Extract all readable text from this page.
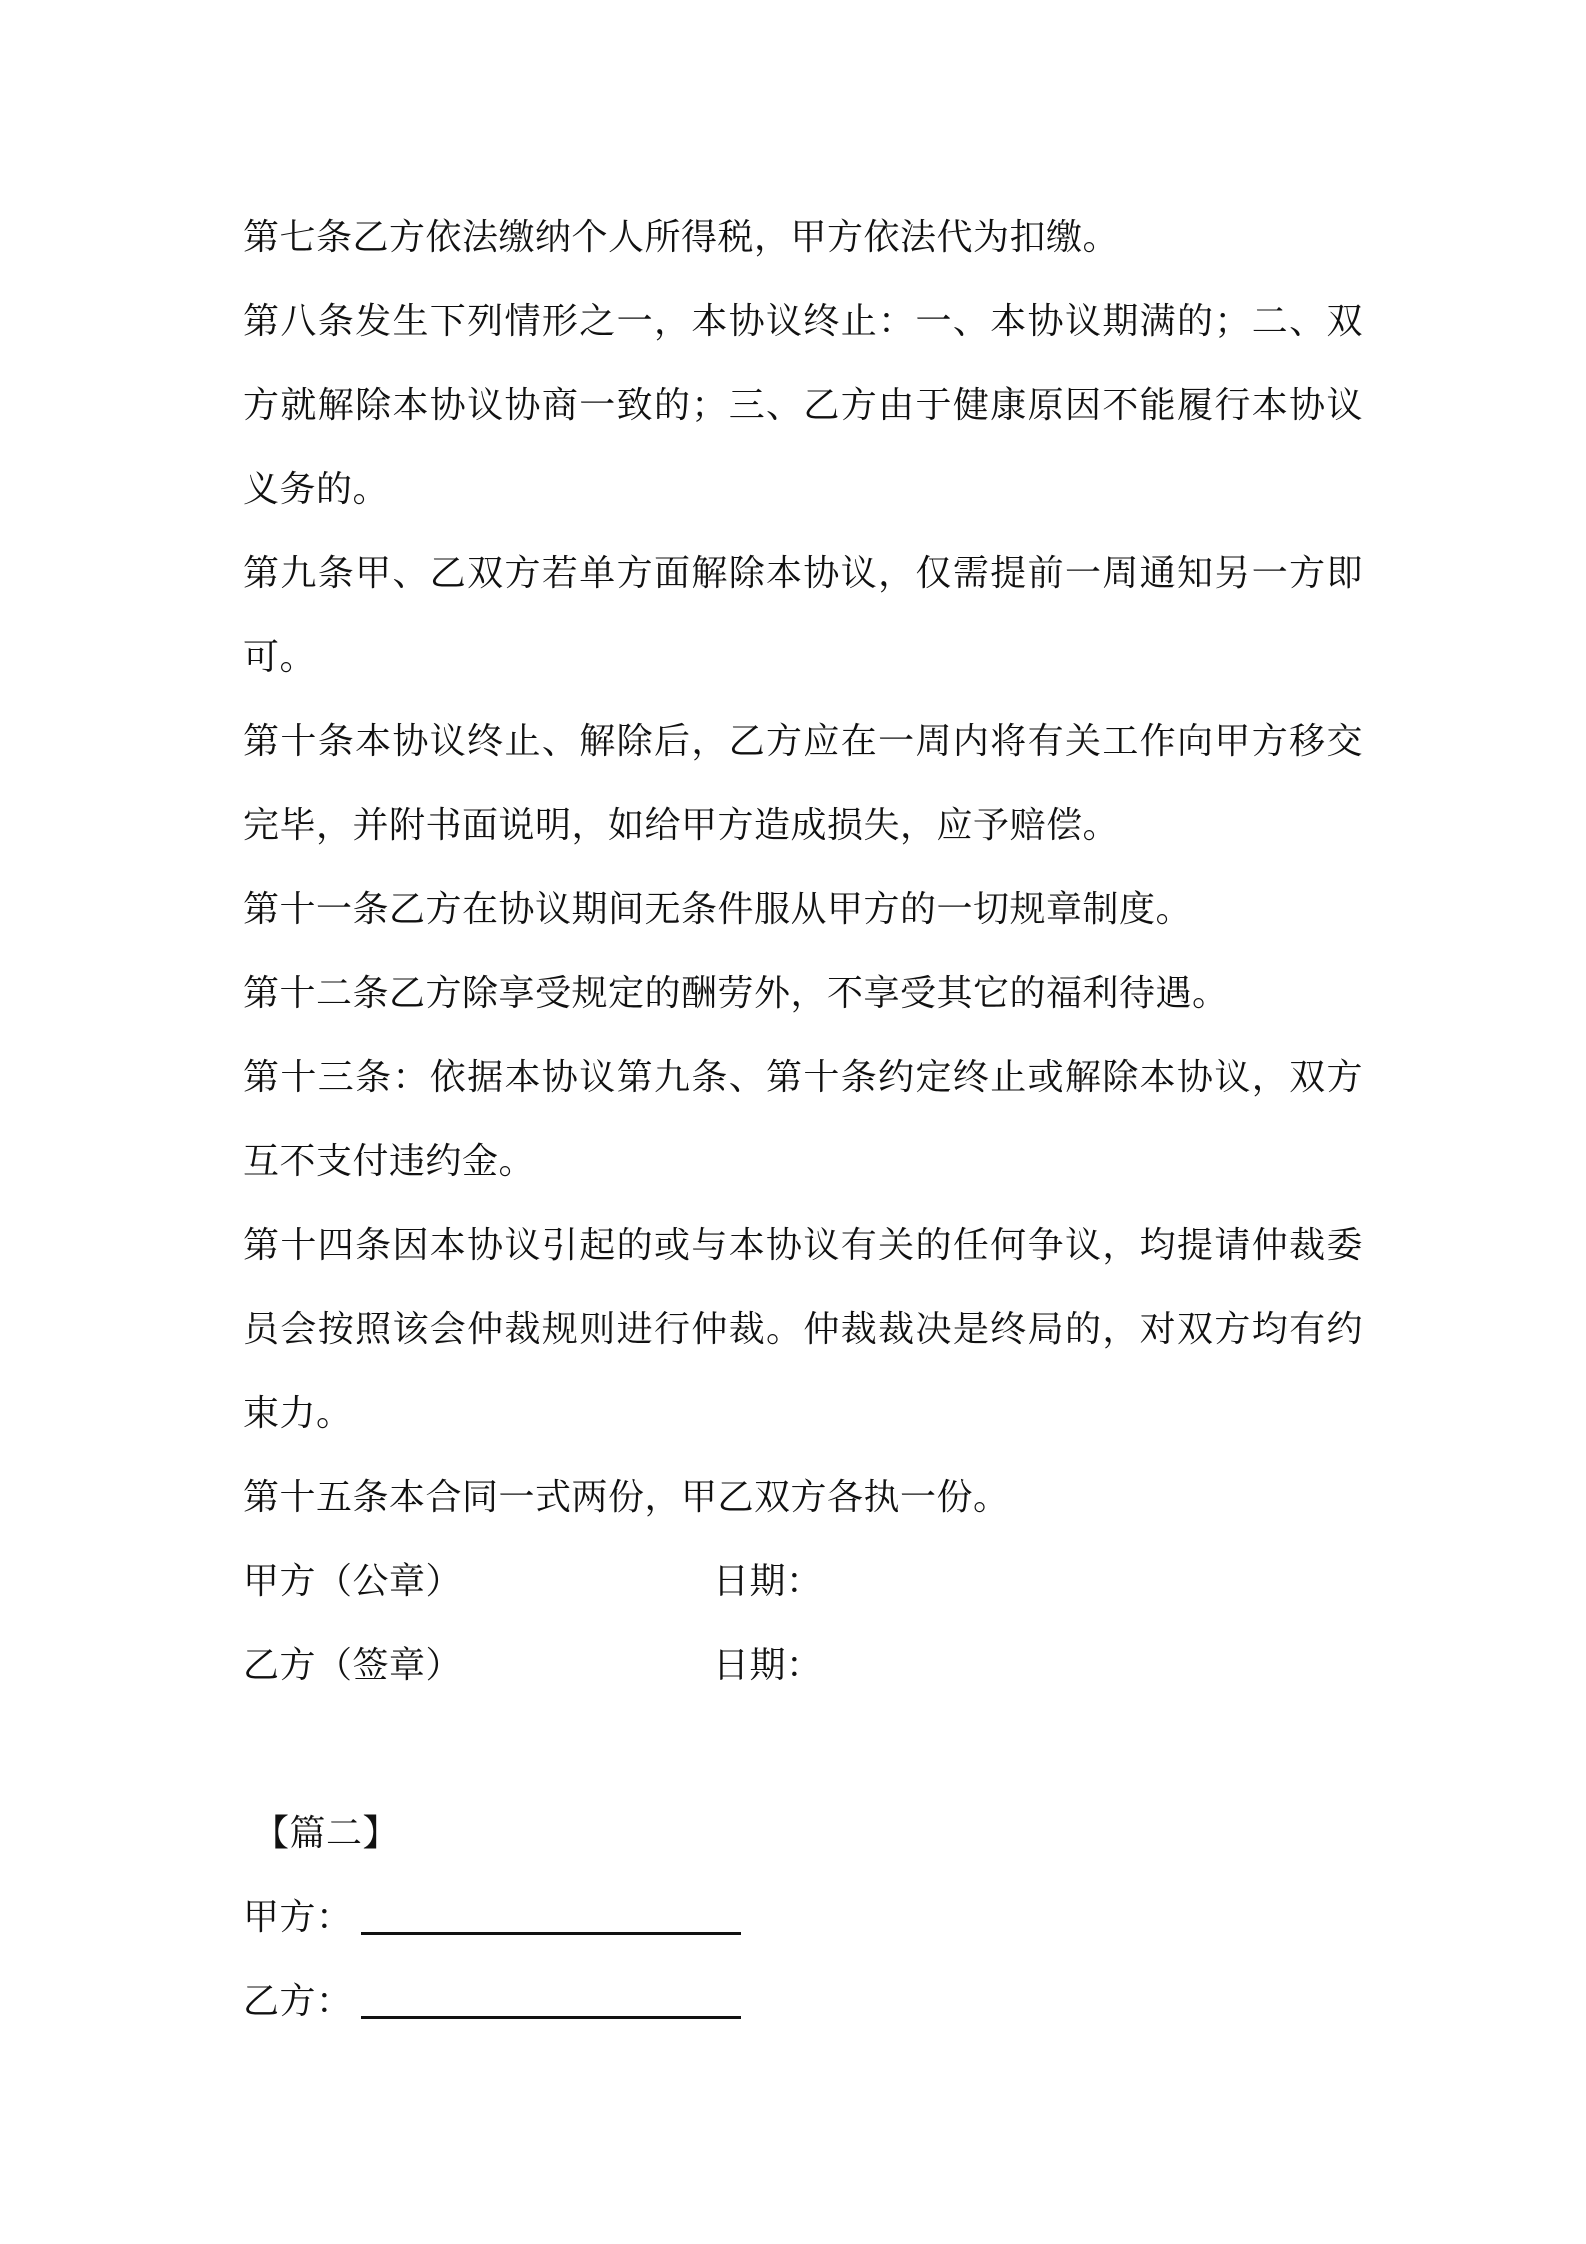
第七条乙方依法缴纳个人所得税，甲方依法代为扣缴。

第八条发生下列情形之一，本协议终止：一、本协议期满的；二、双方就解除本协议协商一致的；三、乙方由于健康原因不能履行本协议义务的。

第九条甲、乙双方若单方面解除本协议，仅需提前一周通知另一方即可。

第十条本协议终止、解除后，乙方应在一周内将有关工作向甲方移交完毕，并附书面说明，如给甲方造成损失，应予赔偿。

第十一条乙方在协议期间无条件服从甲方的一切规章制度。

第十二条乙方除享受规定的酬劳外，不享受其它的福利待遇。

第十三条：依据本协议第九条、第十条约定终止或解除本协议，双方互不支付违约金。

第十四条因本协议引起的或与本协议有关的任何争议，均提请仲裁委员会按照该会仲裁规则进行仲裁。仲裁裁决是终局的，对双方均有约束力。

第十五条本合同一式两份，甲乙双方各执一份。

甲方（公章）	日期：
乙方（签章）	日期：

【篇二】

甲方：

乙方：
